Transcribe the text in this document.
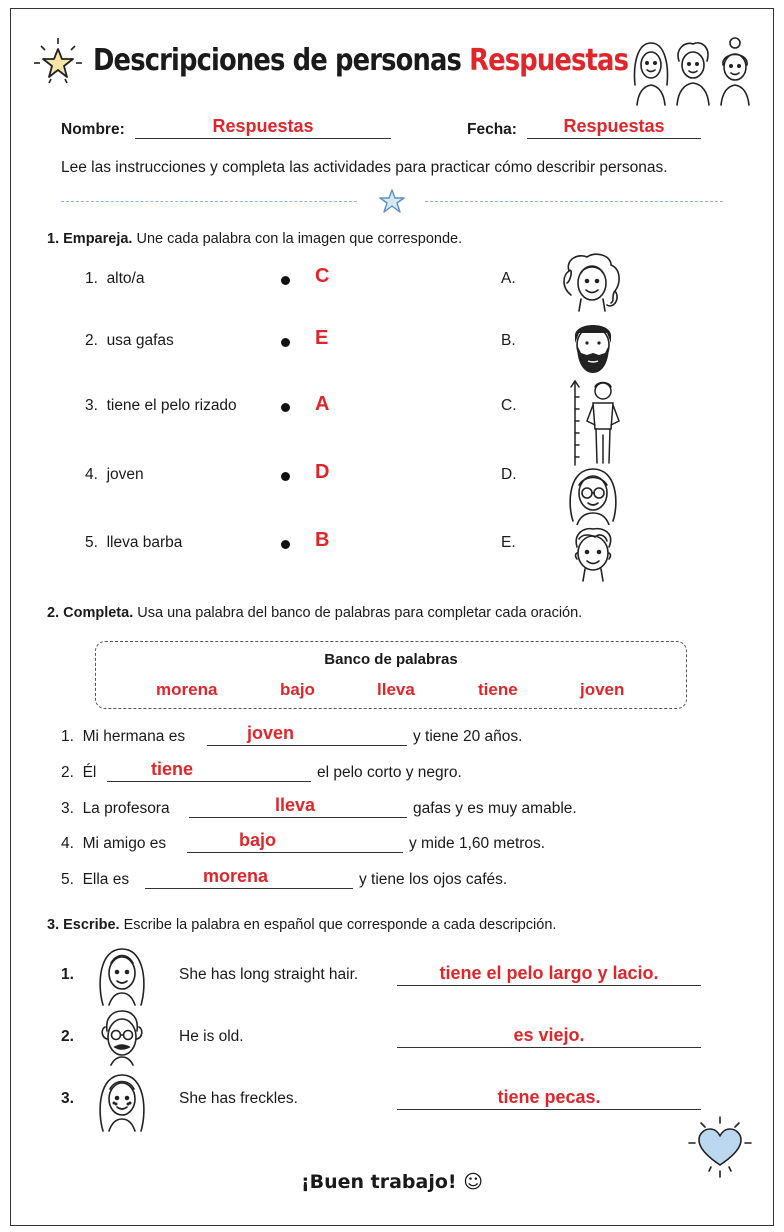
Descripciones de personas Respuestas
Nombre:	Respuestas	Fecha:	Respuestas
Lee las instrucciones y completa las actividades para practicar cómo describir personas.
1. Empareja. Une cada palabra con la imagen que corresponde.
1. alto/a	C	A.
2. usa gafas	E	B.
3. tiene el pelo rizado	A	C.
4. joven	D	D.
5. lleva barba	B	E.
2. Completa. Usa una palabra del banco de palabras para completar cada oración.
Banco de palabras
morena	bajo	lleva	tiene	joven
1. Mi hermana es	joven	y tiene 20 años.
2. Él	tiene	el pelo corto y negro.
3. La profesora	lleva	gafas y es muy amable.
4. Mi amigo es	bajo	y mide 1,60 metros.
5. Ella es	morena	y tiene los ojos cafés.
3. Escribe. Escribe la palabra en español que corresponde a cada descripción.
1.	She has long straight hair.	tiene el pelo largo y lacio.
2.	He is old.	es viejo.
3.	She has freckles.	tiene pecas.
¡Buen trabajo! ☺
